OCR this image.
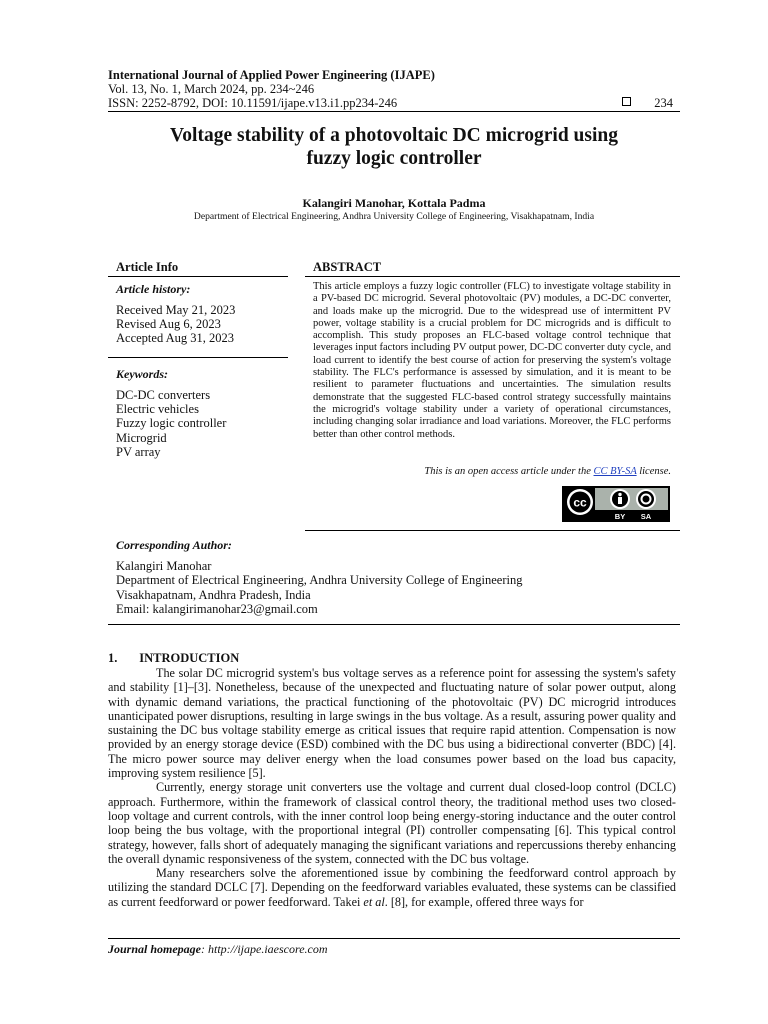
International Journal of Applied Power Engineering (IJAPE)
Vol. 13, No. 1, March 2024, pp. 234~246
ISSN: 2252-8792, DOI: 10.11591/ijape.v13.i1.pp234-246	234
Voltage stability of a photovoltaic DC microgrid using
fuzzy logic controller
Kalangiri Manohar, Kottala Padma
Department of Electrical Engineering, Andhra University College of Engineering, Visakhapatnam, India
Article Info
Article history:
Received May 21, 2023
Revised Aug 6, 2023
Accepted Aug 31, 2023
Keywords:
DC-DC converters
Electric vehicles
Fuzzy logic controller
Microgrid
PV array
ABSTRACT
This article employs a fuzzy logic controller (FLC) to investigate voltage stability in a PV-based DC microgrid. Several photovoltaic (PV) modules, a DC-DC converter, and loads make up the microgrid. Due to the widespread use of intermittent PV power, voltage stability is a crucial problem for DC microgrids and is difficult to accomplish. This study proposes an FLC-based voltage control technique that leverages input factors including PV output power, DC-DC converter duty cycle, and load current to identify the best course of action for preserving the system's voltage stability. The FLC's performance is assessed by simulation, and it is meant to be resilient to parameter fluctuations and uncertainties. The simulation results demonstrate that the suggested FLC-based control strategy successfully maintains the microgrid's voltage stability under a variety of operational circumstances, including changing solar irradiance and load variations. Moreover, the FLC performs better than other control methods.
This is an open access article under the CC BY-SA license.
cc
BY SA
Corresponding Author:
Kalangiri Manohar
Department of Electrical Engineering, Andhra University College of Engineering
Visakhapatnam, Andhra Pradesh, India
Email: kalangirimanohar23@gmail.com
1.       INTRODUCTION

The solar DC microgrid system's bus voltage serves as a reference point for assessing the system's safety and stability [1]–[3]. Nonetheless, because of the unexpected and fluctuating nature of solar power output, along with dynamic demand variations, the practical functioning of the photovoltaic (PV) DC microgrid introduces unanticipated power disruptions, resulting in large swings in the bus voltage. As a result, assuring power quality and sustaining the DC bus voltage stability emerge as critical issues that require rapid attention. Compensation is now provided by an energy storage device (ESD) combined with the DC bus using a bidirectional converter (BDC) [4]. The micro power source may deliver energy when the load consumes power based on the load bus capacity, improving system resilience [5].

Currently, energy storage unit converters use the voltage and current dual closed-loop control (DCLC) approach. Furthermore, within the framework of classical control theory, the traditional method uses two closed-loop voltage and current controls, with the inner control loop being energy-storing inductance and the outer control loop being the bus voltage, with the proportional integral (PI) controller compensating [6]. This typical control strategy, however, falls short of adequately managing the significant variations and repercussions thereby enhancing the overall dynamic responsiveness of the system, connected with the DC bus voltage.

Many researchers solve the aforementioned issue by combining the feedforward control approach by utilizing the standard DCLC [7]. Depending on the feedforward variables evaluated, these systems can be classified as current feedforward or power feedforward. Takei et al. [8], for example, offered three ways for

Journal homepage: http://ijape.iaescore.com
